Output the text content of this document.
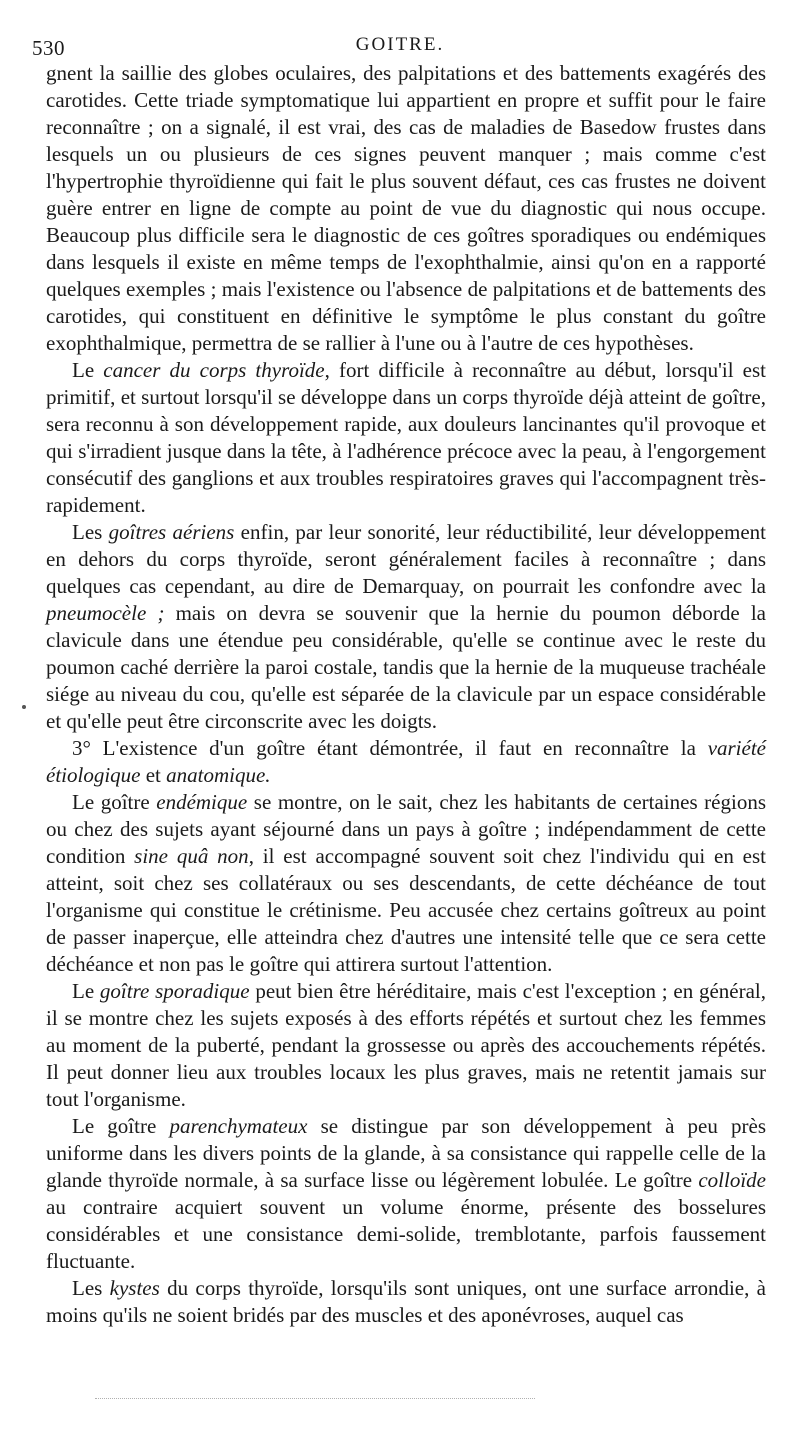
530	GOITRE.

gnent la saillie des globes oculaires, des palpitations et des battements exagérés des carotides. Cette triade symptomatique lui appartient en propre et suffit pour le faire reconnaître ; on a signalé, il est vrai, des cas de maladies de Basedow frustes dans lesquels un ou plusieurs de ces signes peuvent manquer ; mais comme c'est l'hypertrophie thyroïdienne qui fait le plus souvent défaut, ces cas frustes ne doivent guère entrer en ligne de compte au point de vue du diagnostic qui nous occupe. Beaucoup plus difficile sera le diagnostic de ces goîtres sporadiques ou endémiques dans lesquels il existe en même temps de l'exophthalmie, ainsi qu'on en a rapporté quelques exemples ; mais l'existence ou l'absence de palpitations et de battements des carotides, qui constituent en définitive le symptôme le plus constant du goître exophthalmique, permettra de se rallier à l'une ou à l'autre de ces hypothèses.

Le cancer du corps thyroïde, fort difficile à reconnaître au début, lorsqu'il est primitif, et surtout lorsqu'il se développe dans un corps thyroïde déjà atteint de goître, sera reconnu à son développement rapide, aux douleurs lancinantes qu'il provoque et qui s'irradient jusque dans la tête, à l'adhérence précoce avec la peau, à l'engorgement consécutif des ganglions et aux troubles respiratoires graves qui l'accompagnent très-rapidement.

Les goîtres aériens enfin, par leur sonorité, leur réductibilité, leur développement en dehors du corps thyroïde, seront généralement faciles à reconnaître ; dans quelques cas cependant, au dire de Demarquay, on pourrait les confondre avec la pneumocèle ; mais on devra se souvenir que la hernie du poumon déborde la clavicule dans une étendue peu considérable, qu'elle se continue avec le reste du poumon caché derrière la paroi costale, tandis que la hernie de la muqueuse trachéale siége au niveau du cou, qu'elle est séparée de la clavicule par un espace considérable et qu'elle peut être circonscrite avec les doigts.

3° L'existence d'un goître étant démontrée, il faut en reconnaître la variété étiologique et anatomique.

Le goître endémique se montre, on le sait, chez les habitants de certaines régions ou chez des sujets ayant séjourné dans un pays à goître ; indépendamment de cette condition sine quâ non, il est accompagné souvent soit chez l'individu qui en est atteint, soit chez ses collatéraux ou ses descendants, de cette déchéance de tout l'organisme qui constitue le crétinisme. Peu accusée chez certains goîtreux au point de passer inaperçue, elle atteindra chez d'autres une intensité telle que ce sera cette déchéance et non pas le goître qui attirera surtout l'attention.

Le goître sporadique peut bien être héréditaire, mais c'est l'exception ; en général, il se montre chez les sujets exposés à des efforts répétés et surtout chez les femmes au moment de la puberté, pendant la grossesse ou après des accouchements répétés. Il peut donner lieu aux troubles locaux les plus graves, mais ne retentit jamais sur tout l'organisme.

Le goître parenchymateux se distingue par son développement à peu près uniforme dans les divers points de la glande, à sa consistance qui rappelle celle de la glande thyroïde normale, à sa surface lisse ou légèrement lobulée. Le goître colloïde au contraire acquiert souvent un volume énorme, présente des bosselures considérables et une consistance demi-solide, tremblotante, parfois faussement fluctuante.

Les kystes du corps thyroïde, lorsqu'ils sont uniques, ont une surface arrondie, à moins qu'ils ne soient bridés par des muscles et des aponévroses, auquel cas
